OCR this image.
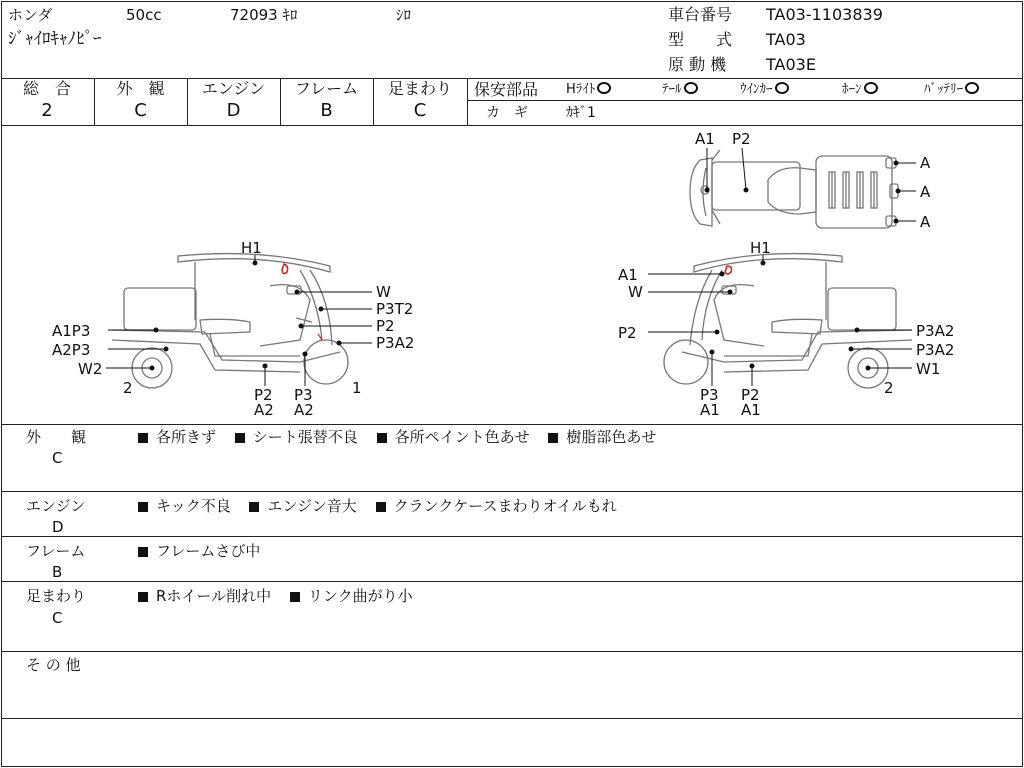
ホンダ	50cc	72093 ｷﾛ	ｼﾛ
ｼﾞｬｲﾛｷｬﾉﾋﾟｰ
車台番号 TA03-1103839
型　　式 TA03
原 動 機 TA03E
総　合
2
外　観
C
エンジン
D
フレーム
B
足まわり
C
保安部品 Hﾗｲﾄ	ﾃｰﾙ	ｳｲﾝｶｰ	ﾎｰﾝ	ﾊﾞｯﾃﾘｰ
カ　ギ	ｶｷﾞ1
A1 P2
A
A
A
H1
W
P3T2
P2
P3A2
A1P3
A2P3
W2
2	1
P2
A2
P3
A2
H1
A1
W
P2	P3A2
P3A2
W1
2
P3
A1
P2
A1
外　　観
C
各所きず シート張替不良 各所ペイント色あせ 樹脂部色あせ
エンジン
D
キック不良 エンジン音大 クランクケースまわりオイルもれ
フレーム
B
フレームさび中
足まわり
C
Rホイール削れ中 リンク曲がり小
そ の 他
